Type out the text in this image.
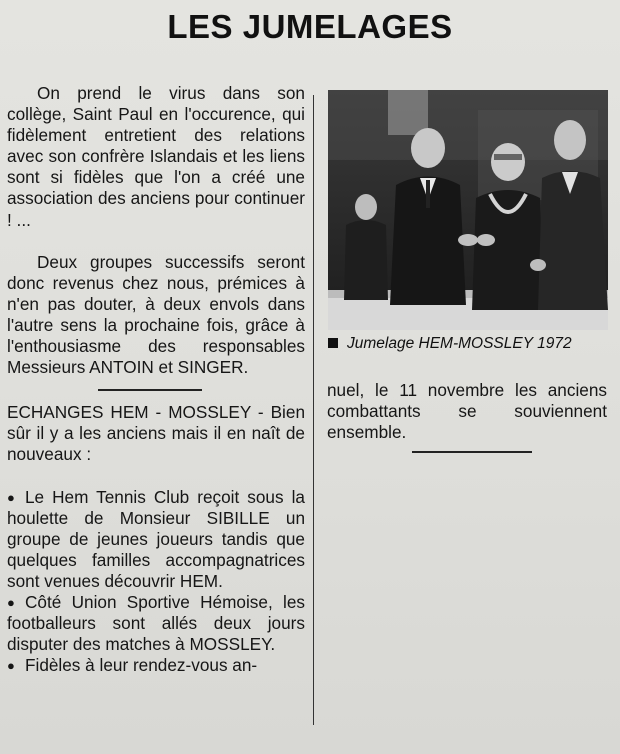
LES JUMELAGES

On prend le virus dans son collège, Saint Paul en l'occurence, qui fidèlement entretient des relations avec son confrère Islandais et les liens sont si fidèles que l'on a créé une association des anciens pour continuer ! ...

Deux groupes successifs seront donc revenus chez nous, prémices à n'en pas douter, à deux envols dans l'autre sens la prochaine fois, grâce à l'enthousiasme des responsables Messieurs ANTOIN et SINGER.

ECHANGES HEM - MOSSLEY - Bien sûr il y a les anciens mais il en naît de nouveaux :

● Le Hem Tennis Club reçoit sous la houlette de Monsieur SIBILLE un groupe de jeunes joueurs tandis que quelques familles accompagnatrices sont venues découvrir HEM.

● Côté Union Sportive Hémoise, les footballeurs sont allés deux jours disputer des matches à MOSSLEY.

● Fidèles à leur rendez-vous an-

Jumelage HEM-MOSSLEY 1972

nuel, le 11 novembre les anciens combattants se souviennent ensemble.
